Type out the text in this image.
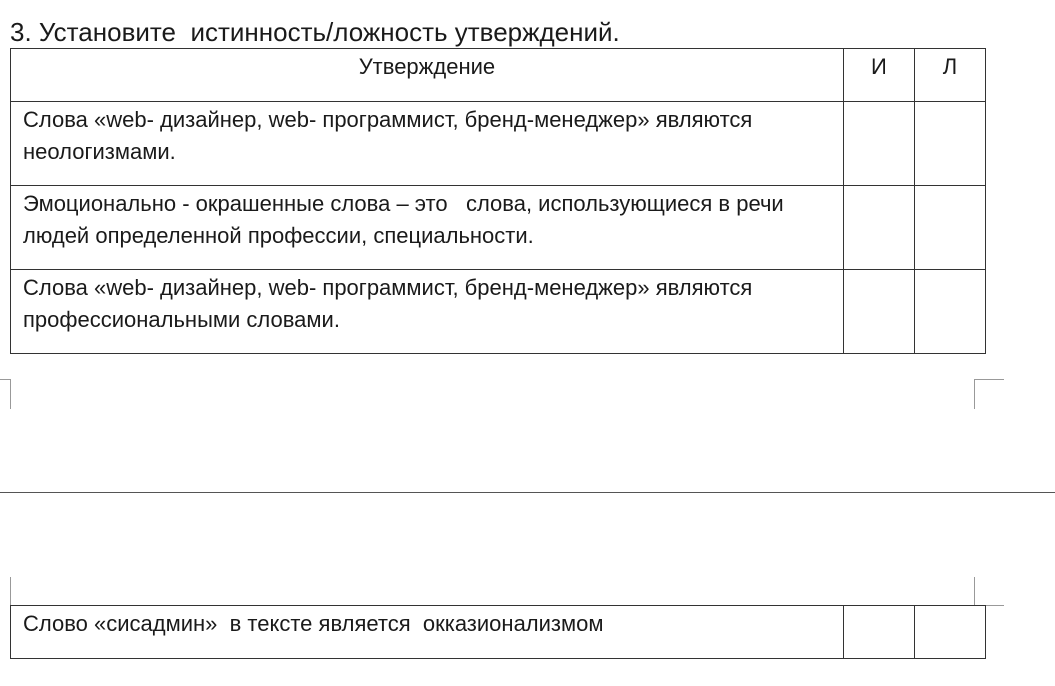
3. Установите  истинность/ложность утверждений.
Утверждение	И	Л

Слова «web- дизайнер, web- программист, бренд-менеджер» являются неологизмами.		

Эмоционально - окрашенные слова – это   слова, использующиеся в речи людей определенной профессии, специальности.		

Слова «web- дизайнер, web- программист, бренд-менеджер» являются профессиональными словами.		

Слово «сисадмин»  в тексте является  окказионализмом
